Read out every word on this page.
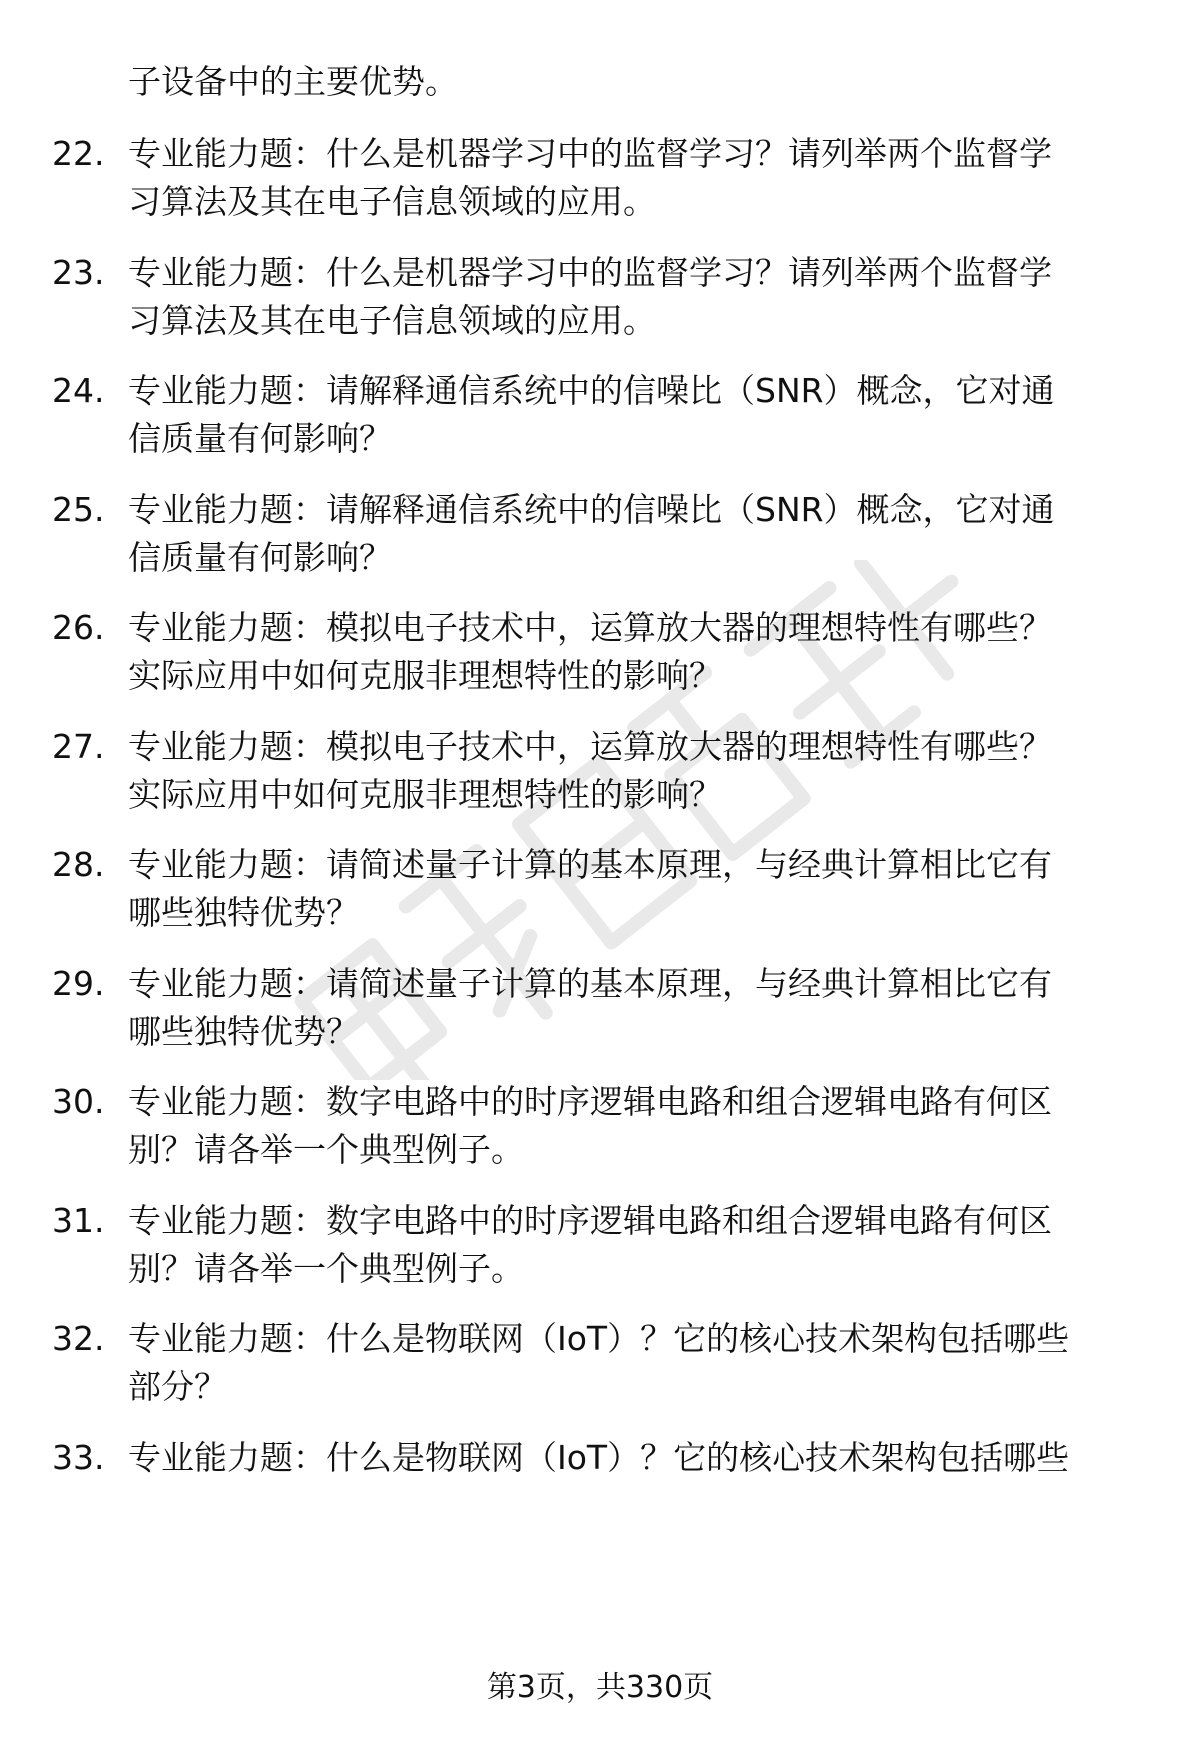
子设备中的主要优势。
22. 专业能力题：什么是机器学习中的监督学习？请列举两个监督学
习算法及其在电子信息领域的应用。
23. 专业能力题：什么是机器学习中的监督学习？请列举两个监督学
习算法及其在电子信息领域的应用。
24. 专业能力题：请解释通信系统中的信噪比（SNR）概念，它对通
信质量有何影响？
25. 专业能力题：请解释通信系统中的信噪比（SNR）概念，它对通
信质量有何影响？
26. 专业能力题：模拟电子技术中，运算放大器的理想特性有哪些？
实际应用中如何克服非理想特性的影响？
27. 专业能力题：模拟电子技术中，运算放大器的理想特性有哪些？
实际应用中如何克服非理想特性的影响？
28. 专业能力题：请简述量子计算的基本原理，与经典计算相比它有
哪些独特优势？
29. 专业能力题：请简述量子计算的基本原理，与经典计算相比它有
哪些独特优势？
30. 专业能力题：数字电路中的时序逻辑电路和组合逻辑电路有何区
别？请各举一个典型例子。
31. 专业能力题：数字电路中的时序逻辑电路和组合逻辑电路有何区
别？请各举一个典型例子。
32. 专业能力题：什么是物联网（IoT）？它的核心技术架构包括哪些
部分？
33. 专业能力题：什么是物联网（IoT）？它的核心技术架构包括哪些
第3页，共330页
